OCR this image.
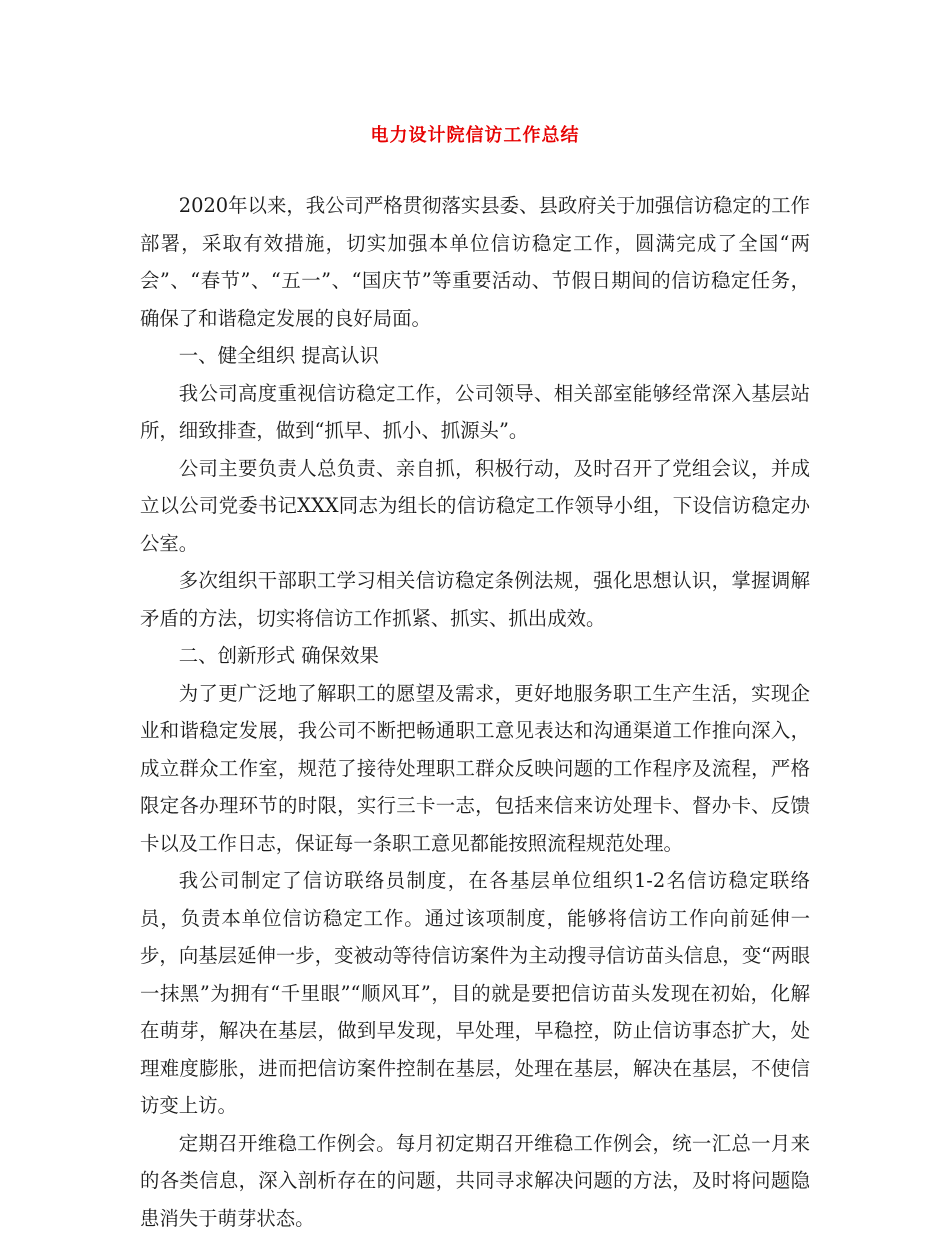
电力设计院信访工作总结

2020年以来，我公司严格贯彻落实县委、县政府关于加强信访稳定的工作部署，采取有效措施，切实加强本单位信访稳定工作，圆满完成了全国“两会”、“春节”、“五一”、“国庆节”等重要活动、节假日期间的信访稳定任务，确保了和谐稳定发展的良好局面。

一、健全组织 提高认识

我公司高度重视信访稳定工作，公司领导、相关部室能够经常深入基层站所，细致排查，做到“抓早、抓小、抓源头”。

公司主要负责人总负责、亲自抓，积极行动，及时召开了党组会议，并成立以公司党委书记XXX同志为组长的信访稳定工作领导小组，下设信访稳定办公室。

多次组织干部职工学习相关信访稳定条例法规，强化思想认识，掌握调解矛盾的方法，切实将信访工作抓紧、抓实、抓出成效。

二、创新形式 确保效果

为了更广泛地了解职工的愿望及需求，更好地服务职工生产生活，实现企业和谐稳定发展，我公司不断把畅通职工意见表达和沟通渠道工作推向深入，成立群众工作室，规范了接待处理职工群众反映问题的工作程序及流程，严格限定各办理环节的时限，实行三卡一志，包括来信来访处理卡、督办卡、反馈卡以及工作日志，保证每一条职工意见都能按照流程规范处理。

我公司制定了信访联络员制度，在各基层单位组织1-2名信访稳定联络员，负责本单位信访稳定工作。通过该项制度，能够将信访工作向前延伸一步，向基层延伸一步，变被动等待信访案件为主动搜寻信访苗头信息，变“两眼一抹黑”为拥有“千里眼”“顺风耳”，目的就是要把信访苗头发现在初始，化解在萌芽，解决在基层，做到早发现，早处理，早稳控，防止信访事态扩大，处理难度膨胀，进而把信访案件控制在基层，处理在基层，解决在基层，不使信访变上访。

定期召开维稳工作例会。每月初定期召开维稳工作例会，统一汇总一月来的各类信息，深入剖析存在的问题，共同寻求解决问题的方法，及时将问题隐患消失于萌芽状态。
